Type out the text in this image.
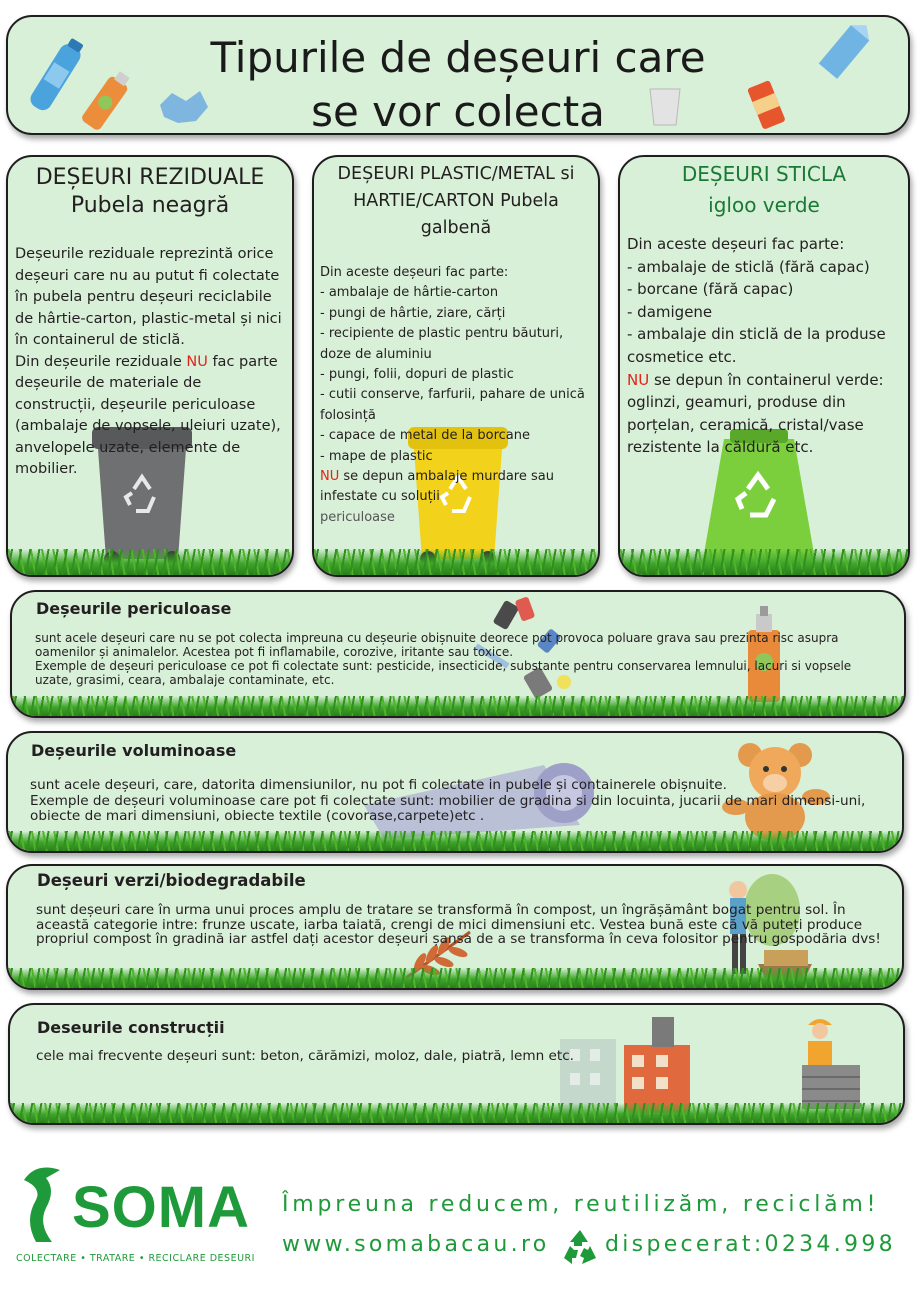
Tipurile de deșeuri care
se vor colecta
DEȘEURI REZIDUALE
Pubela neagră
Deșeurile reziduale reprezintă orice deșeuri care nu au putut fi colectate în pubela pentru deșeuri reciclabile de hârtie-carton, plastic-metal și nici în containerul de sticlă.
Din deșeurile reziduale NU fac parte deșeurile de materiale de construcții, deșeurile periculoase (ambalaje de vopsele, uleiuri uzate), anvelopele uzate, elemente de mobilier.
DEȘEURI PLASTIC/METAL si
HARTIE/CARTON Pubela
galbenă
Din aceste deșeuri fac parte:
- ambalaje de hârtie-carton
- pungi de hârtie, ziare, cărți
- recipiente de plastic pentru băuturi, doze de aluminiu
- pungi, folii, dopuri de plastic
- cutii conserve, farfurii, pahare de unică folosință
- capace de metal de la borcane
- mape de plastic
NU se depun ambalaje murdare sau infestate cu soluții
periculoase
DEȘEURI STICLA
igloo verde
Din aceste deșeuri fac parte:
- ambalaje de sticlă (fără capac)
- borcane (fără capac)
- damigene
- ambalaje din sticlă de la produse cosmetice etc.
NU se depun în containerul verde: oglinzi, geamuri, produse din porțelan, ceramică, cristal/vase rezistente la căldură etc.
Deșeurile periculoase
sunt acele deșeuri care nu se pot colecta impreuna cu deșeurie obișnuite deorece pot provoca poluare grava sau prezinta risc asupra oamenilor și animalelor. Acestea pot fi inflamabile, corozive, iritante sau toxice.
Exemple de deșeuri periculoase ce pot fi colectate sunt: pesticide, insecticide, substante pentru conservarea lemnului, lacuri si vopsele uzate, grasimi, ceara, ambalaje contaminate, etc.
Deșeurile voluminoase
sunt acele deșeuri, care, datorita dimensiunilor, nu pot fi colectate in pubele și containerele obișnuite.
Exemple de deșeuri voluminoase care pot fi colectate sunt: mobilier de gradina si din locuinta, jucarii de mari dimensi-uni, obiecte de mari dimensiuni, obiecte textile (covorase,carpete)etc .
Deșeuri verzi/biodegradabile
sunt deșeuri care în urma unui proces amplu de tratare se transformă în compost, un îngrășământ bogat pentru sol. În această categorie intre: frunze uscate, iarba taiată, crengi de mici dimensiuni etc. Vestea bună este că vă puteți produce propriul compost în gradină iar astfel dați acestor deșeuri șansa de a se transforma în ceva folositor pentru gospodăria dvs!
Deseurile construcții
cele mai frecvente deșeuri sunt: beton, cărămizi, moloz, dale, piatră, lemn etc.
SOMA
COLECTARE • TRATARE • RECICLARE DESEURI
Împreuna reducem, reutilizăm, reciclăm!
www.somabacau.ro	dispecerat:0234.998
